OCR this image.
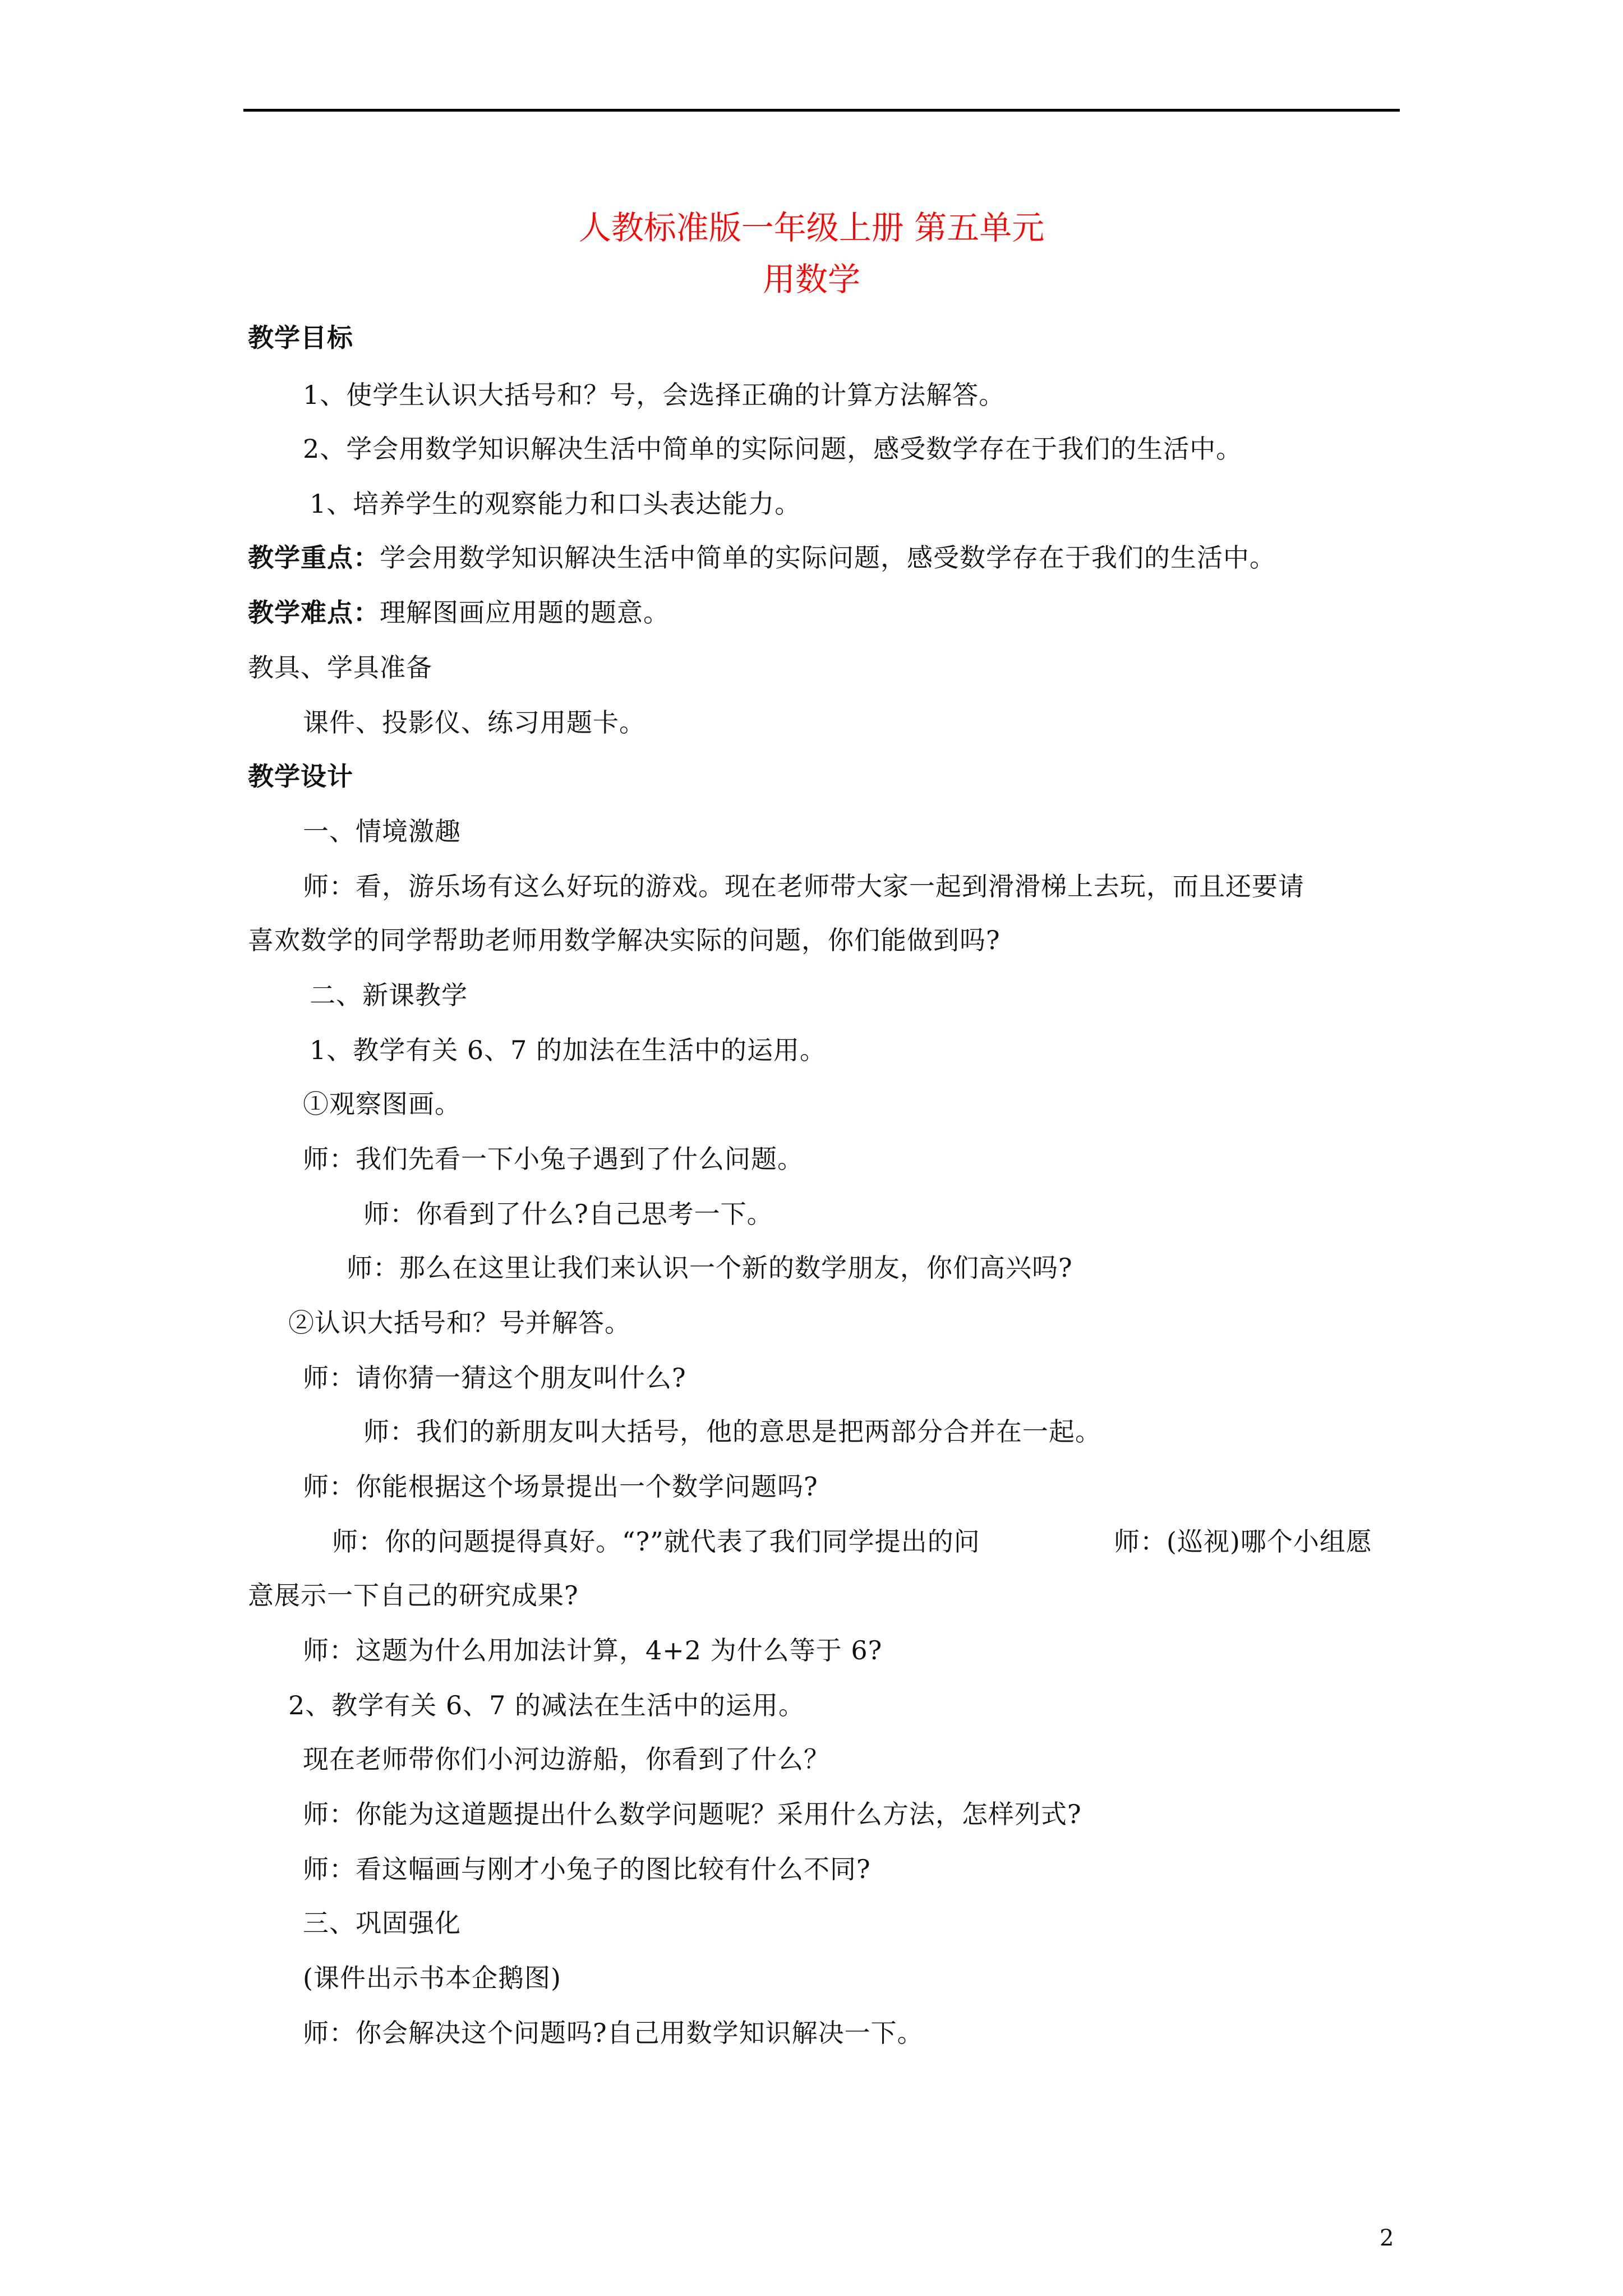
人教标准版一年级上册 第五单元
用数学
教学目标
1、使学生认识大括号和？号，会选择正确的计算方法解答。
2、学会用数学知识解决生活中简单的实际问题，感受数学存在于我们的生活中。
1、培养学生的观察能力和口头表达能力。
教学重点：学会用数学知识解决生活中简单的实际问题，感受数学存在于我们的生活中。
教学难点：理解图画应用题的题意。
教具、学具准备
课件、投影仪、练习用题卡。
教学设计
一、情境激趣
师：看，游乐场有这么好玩的游戏。现在老师带大家一起到滑滑梯上去玩，而且还要请
喜欢数学的同学帮助老师用数学解决实际的问题，你们能做到吗?
二、新课教学
1、教学有关 6、7 的加法在生活中的运用。
①观察图画。
师：我们先看一下小兔子遇到了什么问题。
师：你看到了什么?自己思考一下。
师：那么在这里让我们来认识一个新的数学朋友，你们高兴吗?
②认识大括号和？号并解答。
师：请你猜一猜这个朋友叫什么?
师：我们的新朋友叫大括号，他的意思是把两部分合并在一起。
师：你能根据这个场景提出一个数学问题吗?
师：你的问题提得真好。“?”就代表了我们同学提出的问	师：(巡视)哪个小组愿
意展示一下自己的研究成果?
师：这题为什么用加法计算，4+2 为什么等于 6?
2、教学有关 6、7 的减法在生活中的运用。
现在老师带你们小河边游船，你看到了什么？
师：你能为这道题提出什么数学问题呢？采用什么方法，怎样列式?
师：看这幅画与刚才小兔子的图比较有什么不同?
三、巩固强化
(课件出示书本企鹅图)
师：你会解决这个问题吗?自己用数学知识解决一下。
2
